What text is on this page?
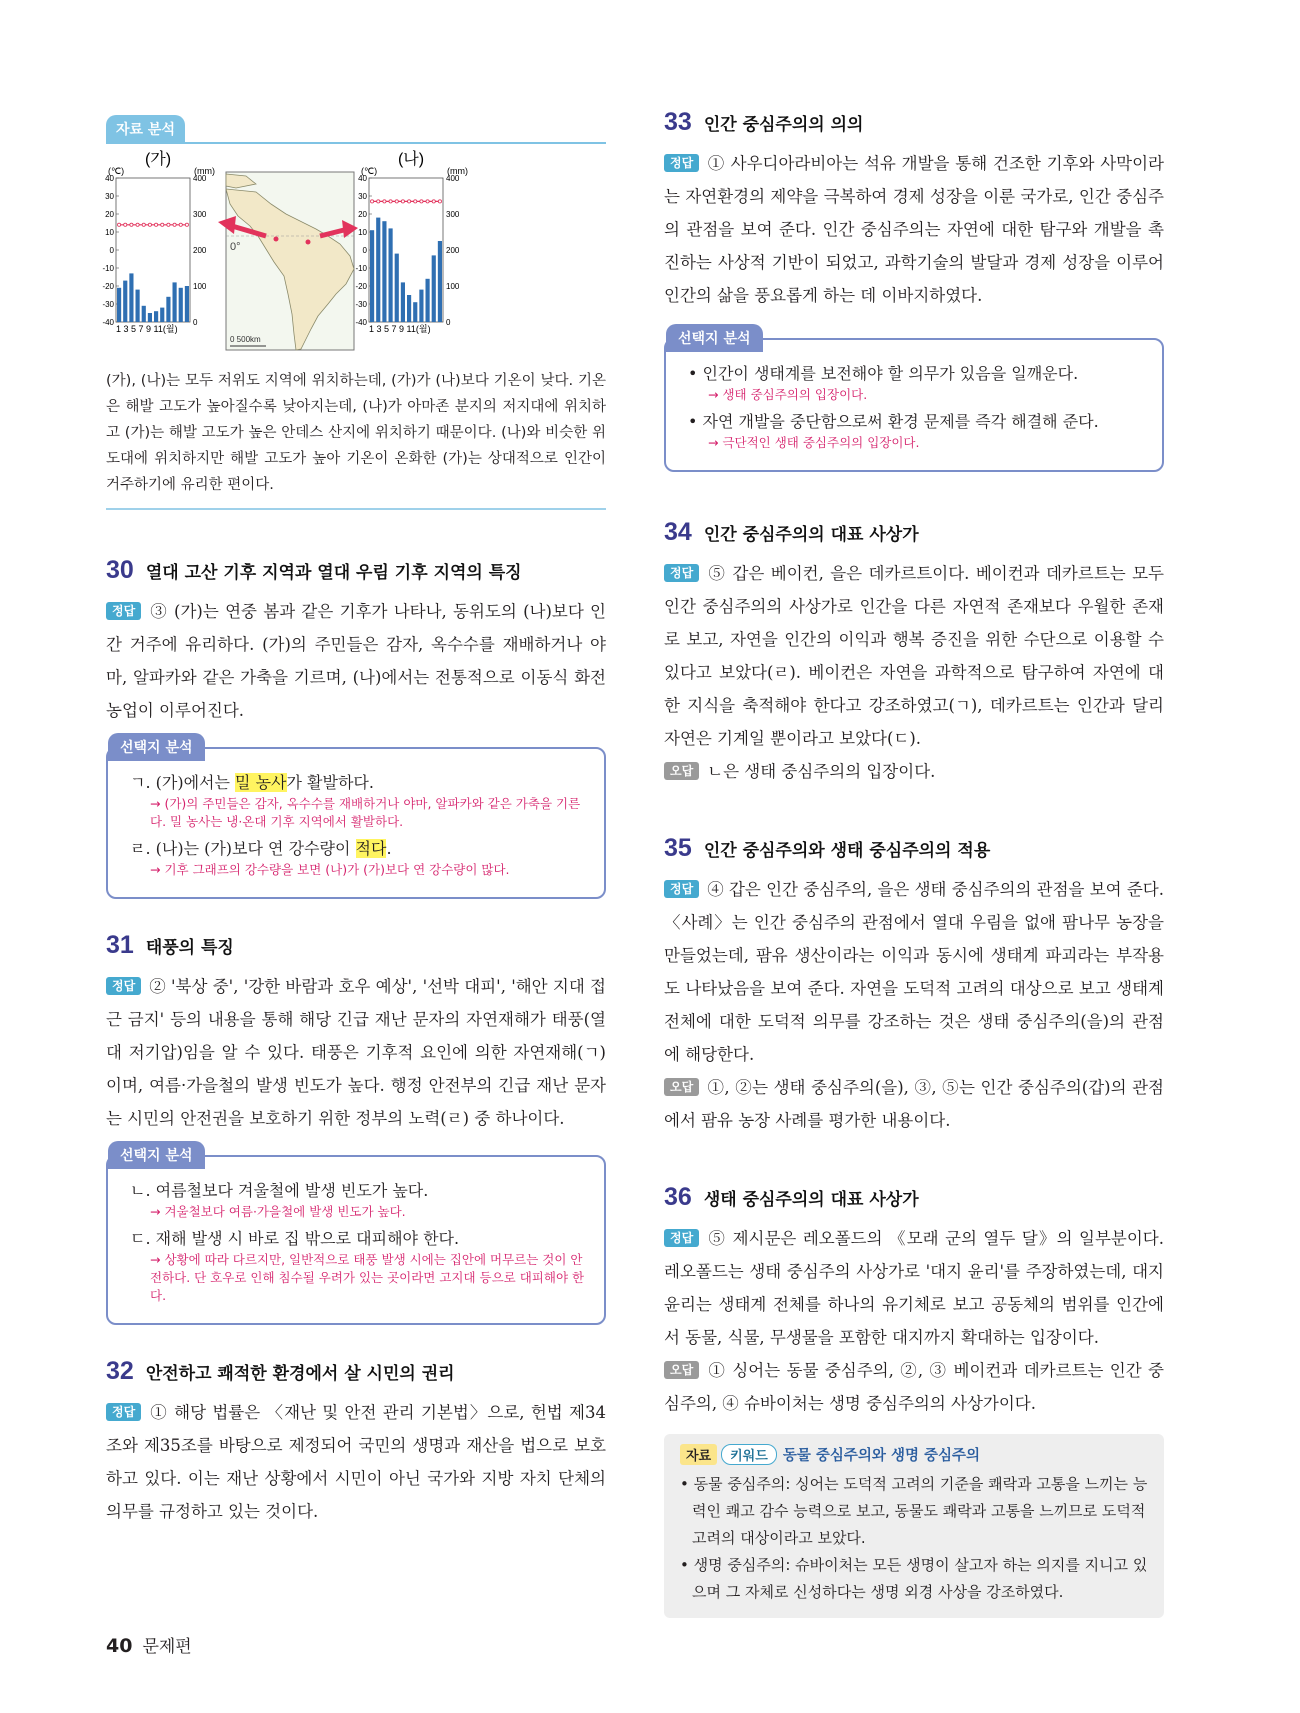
자료 분석
(가)
(℃)	(mm)
40
30
20
10
0
-10
-20
-30
-40
400
300
200
100
0
1 3 5 7 9 11(월)
0°
0 500km
(나)
(℃)	(mm)
40
30
20
10
0
-10
-20
-30
-40
400
300
200
100
0
1 3 5 7 9 11(월)
(가), (나)는 모두 저위도 지역에 위치하는데, (가)가 (나)보다 기온이 낮다. 기온은 해발 고도가 높아질수록 낮아지는데, (나)가 아마존 분지의 저지대에 위치하고 (가)는 해발 고도가 높은 안데스 산지에 위치하기 때문이다. (나)와 비슷한 위도대에 위치하지만 해발 고도가 높아 기온이 온화한 (가)는 상대적으로 인간이 거주하기에 유리한 편이다.
30 열대 고산 기후 지역과 열대 우림 기후 지역의 특징
정답 ③ (가)는 연중 봄과 같은 기후가 나타나, 동위도의 (나)보다 인간 거주에 유리하다. (가)의 주민들은 감자, 옥수수를 재배하거나 야마, 알파카와 같은 가축을 기르며, (나)에서는 전통적으로 이동식 화전 농업이 이루어진다.
선택지 분석
ㄱ. (가)에서는 밀 농사가 활발하다.
→ (가)의 주민들은 감자, 옥수수를 재배하거나 야마, 알파카와 같은 가축을 기른다. 밀 농사는 냉·온대 기후 지역에서 활발하다.
ㄹ. (나)는 (가)보다 연 강수량이 적다.
→ 기후 그래프의 강수량을 보면 (나)가 (가)보다 연 강수량이 많다.
31 태풍의 특징
정답 ② '북상 중', '강한 바람과 호우 예상', '선박 대피', '해안 지대 접근 금지' 등의 내용을 통해 해당 긴급 재난 문자의 자연재해가 태풍(열대 저기압)임을 알 수 있다. 태풍은 기후적 요인에 의한 자연재해(ㄱ)이며, 여름·가을철의 발생 빈도가 높다. 행정 안전부의 긴급 재난 문자는 시민의 안전권을 보호하기 위한 정부의 노력(ㄹ) 중 하나이다.
선택지 분석
ㄴ. 여름철보다 겨울철에 발생 빈도가 높다.
→ 겨울철보다 여름·가을철에 발생 빈도가 높다.
ㄷ. 재해 발생 시 바로 집 밖으로 대피해야 한다.
→ 상황에 따라 다르지만, 일반적으로 태풍 발생 시에는 집안에 머무르는 것이 안전하다. 단 호우로 인해 침수될 우려가 있는 곳이라면 고지대 등으로 대피해야 한다.
32 안전하고 쾌적한 환경에서 살 시민의 권리
정답 ① 해당 법률은 〈재난 및 안전 관리 기본법〉으로, 헌법 제34조와 제35조를 바탕으로 제정되어 국민의 생명과 재산을 법으로 보호하고 있다. 이는 재난 상황에서 시민이 아닌 국가와 지방 자치 단체의 의무를 규정하고 있는 것이다.
33 인간 중심주의의 의의
정답 ① 사우디아라비아는 석유 개발을 통해 건조한 기후와 사막이라는 자연환경의 제약을 극복하여 경제 성장을 이룬 국가로, 인간 중심주의 관점을 보여 준다. 인간 중심주의는 자연에 대한 탐구와 개발을 촉진하는 사상적 기반이 되었고, 과학기술의 발달과 경제 성장을 이루어 인간의 삶을 풍요롭게 하는 데 이바지하였다.
선택지 분석
• 인간이 생태계를 보전해야 할 의무가 있음을 일깨운다.
→ 생태 중심주의의 입장이다.
• 자연 개발을 중단함으로써 환경 문제를 즉각 해결해 준다.
→ 극단적인 생태 중심주의의 입장이다.
34 인간 중심주의의 대표 사상가
정답 ⑤ 갑은 베이컨, 을은 데카르트이다. 베이컨과 데카르트는 모두 인간 중심주의의 사상가로 인간을 다른 자연적 존재보다 우월한 존재로 보고, 자연을 인간의 이익과 행복 증진을 위한 수단으로 이용할 수 있다고 보았다(ㄹ). 베이컨은 자연을 과학적으로 탐구하여 자연에 대한 지식을 축적해야 한다고 강조하였고(ㄱ), 데카르트는 인간과 달리 자연은 기계일 뿐이라고 보았다(ㄷ).
오답 ㄴ은 생태 중심주의의 입장이다.
35 인간 중심주의와 생태 중심주의의 적용
정답 ④ 갑은 인간 중심주의, 을은 생태 중심주의의 관점을 보여 준다. 〈사례〉는 인간 중심주의 관점에서 열대 우림을 없애 팜나무 농장을 만들었는데, 팜유 생산이라는 이익과 동시에 생태계 파괴라는 부작용도 나타났음을 보여 준다. 자연을 도덕적 고려의 대상으로 보고 생태계 전체에 대한 도덕적 의무를 강조하는 것은 생태 중심주의(을)의 관점에 해당한다.
오답 ①, ②는 생태 중심주의(을), ③, ⑤는 인간 중심주의(갑)의 관점에서 팜유 농장 사례를 평가한 내용이다.
36 생태 중심주의의 대표 사상가
정답 ⑤ 제시문은 레오폴드의 《모래 군의 열두 달》의 일부분이다. 레오폴드는 생태 중심주의 사상가로 '대지 윤리'를 주장하였는데, 대지 윤리는 생태계 전체를 하나의 유기체로 보고 공동체의 범위를 인간에서 동물, 식물, 무생물을 포함한 대지까지 확대하는 입장이다.
오답 ① 싱어는 동물 중심주의, ②, ③ 베이컨과 데카르트는 인간 중심주의, ④ 슈바이처는 생명 중심주의의 사상가이다.
자료 키워드 동물 중심주의와 생명 중심주의
• 동물 중심주의: 싱어는 도덕적 고려의 기준을 쾌락과 고통을 느끼는 능력인 쾌고 감수 능력으로 보고, 동물도 쾌락과 고통을 느끼므로 도덕적 고려의 대상이라고 보았다.
• 생명 중심주의: 슈바이처는 모든 생명이 살고자 하는 의지를 지니고 있으며 그 자체로 신성하다는 생명 외경 사상을 강조하였다.
40 문제편
